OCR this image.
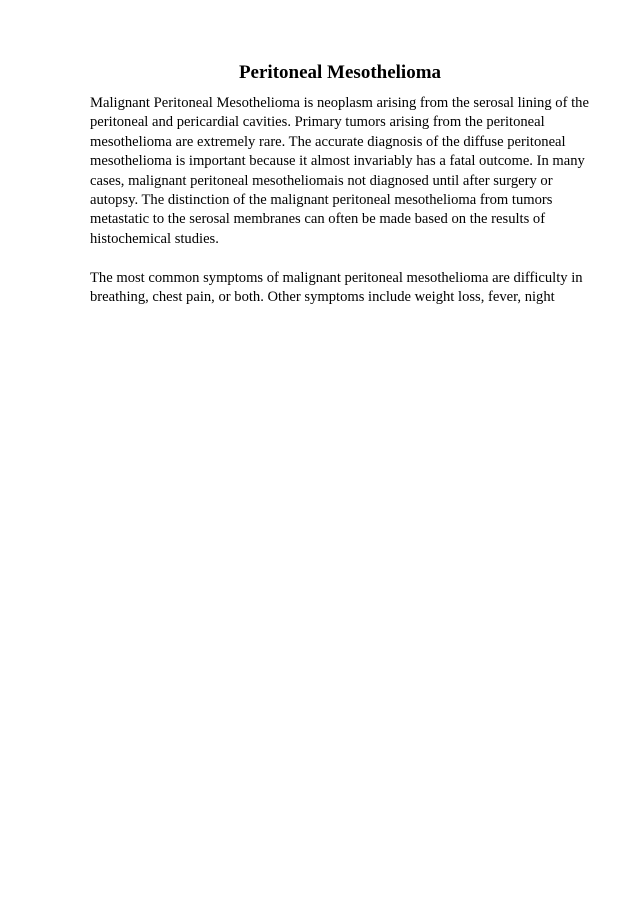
Peritoneal Mesothelioma

Malignant Peritoneal Mesothelioma is neoplasm arising from the serosal lining of the
peritoneal and pericardial cavities. Primary tumors arising from the peritoneal
mesothelioma are extremely rare. The accurate diagnosis of the diffuse peritoneal
mesothelioma is important because it almost invariably has a fatal outcome. In many
cases, malignant peritoneal mesotheliomais not diagnosed until after surgery or
autopsy. The distinction of the malignant peritoneal mesothelioma from tumors
metastatic to the serosal membranes can often be made based on the results of
histochemical studies.

The most common symptoms of malignant peritoneal mesothelioma are difficulty in
breathing, chest pain, or both. Other symptoms include weight loss, fever, night
